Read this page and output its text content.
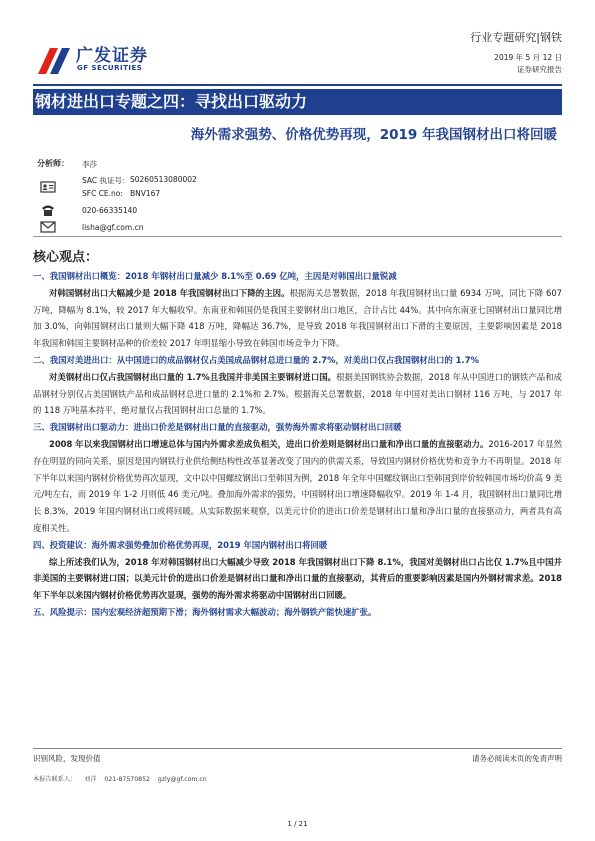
广发证券
GF SECURITIES
行业专题研究|钢铁
2019 年 5 月 12 日
证券研究报告
钢材进出口专题之四：寻找出口驱动力
海外需求强势、价格优势再现，2019 年我国钢材出口将回暖
分析师： 李莎
SAC 执证号： S0260513080002
SFC CE.no: BNV167
020-66335140
lisha@gf.com.cn
核心观点：

一、我国钢材出口概览：2018 年钢材出口量减少 8.1%至 0.69 亿吨，主因是对韩国出口量锐减

对韩国钢材出口大幅减少是 2018 年我国钢材出口下降的主因。根据海关总署数据，2018 年我国钢材出口量 6934 万吨，同比下降 607 万吨，降幅为 8.1%，较 2017 年大幅收窄。东南亚和韩国仍是我国主要钢材出口地区，合计占比 44%。其中向东南亚七国钢材出口量同比增加 3.0%，向韩国钢材出口量则大幅下降 418 万吨，降幅达 36.7%，是导致 2018 年我国钢材出口下滑的主要原因，主要影响因素是 2018 年我国和韩国主要钢材品种的价差较 2017 年明显缩小导致在韩国市场竞争力下降。

二、我国对美进出口：从中国进口的成品钢材仅占美国成品钢材总进口量的 2.7%，对美出口仅占我国钢材出口的 1.7%

对美钢材出口仅占我国钢材出口量的 1.7%且我国并非美国主要钢材进口国。根据美国钢铁协会数据，2018 年从中国进口的钢铁产品和成品钢材分别仅占美国钢铁产品和成品钢材总进口量的 2.1%和 2.7%。根据海关总署数据，2018 年中国对美出口钢材 116 万吨，与 2017 年的 118 万吨基本持平，绝对量仅占我国钢材出口总量的 1.7%。

三、我国钢材出口驱动力：进出口价差是钢材出口量的直接驱动，强势海外需求将驱动钢材出口回暖

2008 年以来我国钢材出口增速总体与国内外需求差成负相关，进出口价差则是钢材出口量和净出口量的直接驱动力。2016-2017 年显然存在明显的同向关系，原因是国内钢铁行业供给侧结构性改革显著改变了国内的供需关系，导致国内钢材价格优势和竞争力不再明显。2018 年下半年以来国内钢材价格优势再次显现，文中以中国螺纹钢出口至韩国为例，2018 年全年中国螺纹钢出口至韩国到岸价较韩国市场均价高 9 美元/吨左右，而 2019 年 1-2 月则低 46 美元/吨。叠加海外需求的强势，中国钢材出口增速降幅收窄。2019 年 1-4 月，我国钢材出口量同比增长 8.3%，2019 年国内钢材出口或将回暖。从实际数据来观察，以美元计价的进出口价差是钢材出口量和净出口量的直接驱动力，两者具有高度相关性。

四、投资建议：海外需求强势叠加价格优势再现，2019 年国内钢材出口将回暖

综上所述我们认为，2018 年对韩国钢材出口大幅减少导致 2018 年我国钢材出口下降 8.1%，我国对美钢材出口占比仅 1.7%且中国并非美国的主要钢材进口国；以美元计价的进出口价差是钢材出口量和净出口量的直接驱动，其背后的重要影响因素是国内外钢材需求差。2018 年下半年以来国内钢材价格优势再次显现，强势的海外需求将驱动中国钢材出口回暖。

五、风险提示：国内宏观经济超预期下滑；海外钢材需求大幅波动；海外钢铁产能快速扩张。

识别风险，发现价值	请务必阅读末页的免责声明
本报告联系人：    刘洋    021-87570852    gzly@gf.com.cn
1 / 21
